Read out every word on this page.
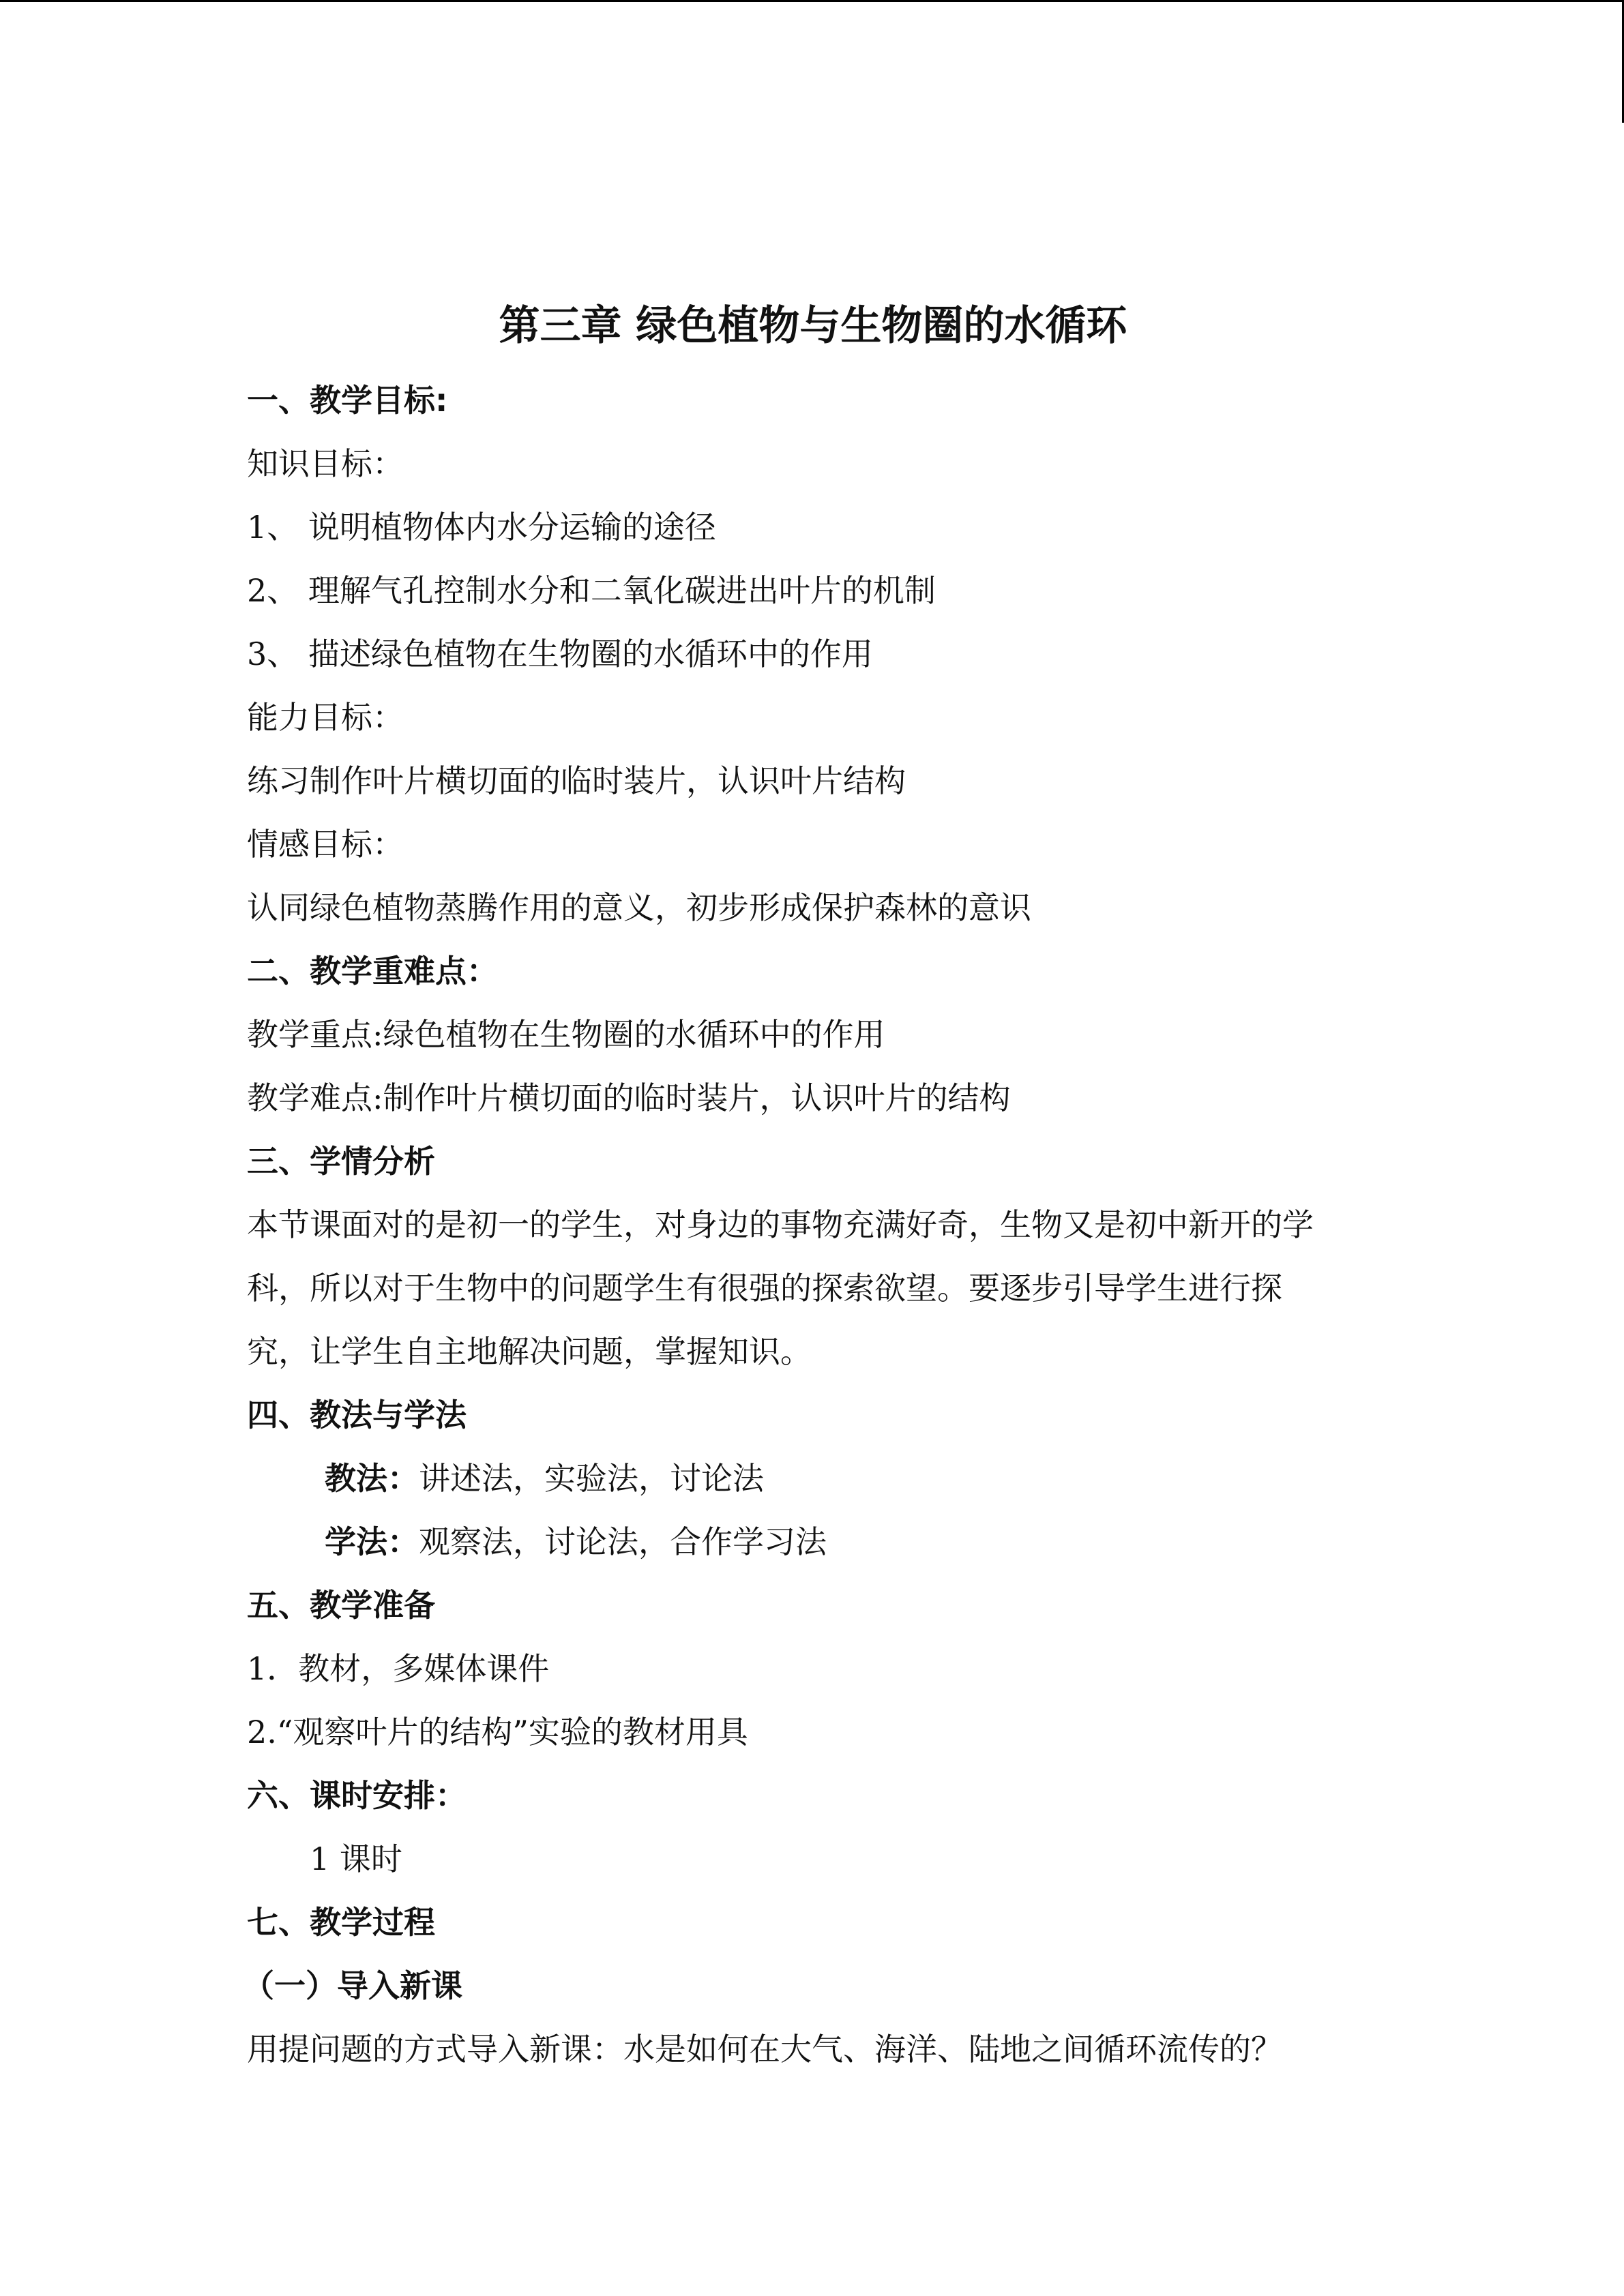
第三章 绿色植物与生物圈的水循环
一、教学目标:
知识目标：
1、 说明植物体内水分运输的途径
2、 理解气孔控制水分和二氧化碳进出叶片的机制
3、 描述绿色植物在生物圈的水循环中的作用
能力目标：
练习制作叶片横切面的临时装片，认识叶片结构
情感目标：
认同绿色植物蒸腾作用的意义，初步形成保护森林的意识
二、教学重难点：
教学重点:绿色植物在生物圈的水循环中的作用
教学难点:制作叶片横切面的临时装片，认识叶片的结构
三、学情分析
本节课面对的是初一的学生，对身边的事物充满好奇，生物又是初中新开的学
科，所以对于生物中的问题学生有很强的探索欲望。要逐步引导学生进行探
究，让学生自主地解决问题，掌握知识。
四、教法与学法
教法：讲述法，实验法，讨论法
学法：观察法，讨论法，合作学习法
五、教学准备
1．教材，多媒体课件
2.“观察叶片的结构”实验的教材用具
六、课时安排：
1 课时
七、教学过程
（一）导入新课
用提问题的方式导入新课：水是如何在大气、海洋、陆地之间循环流传的？
